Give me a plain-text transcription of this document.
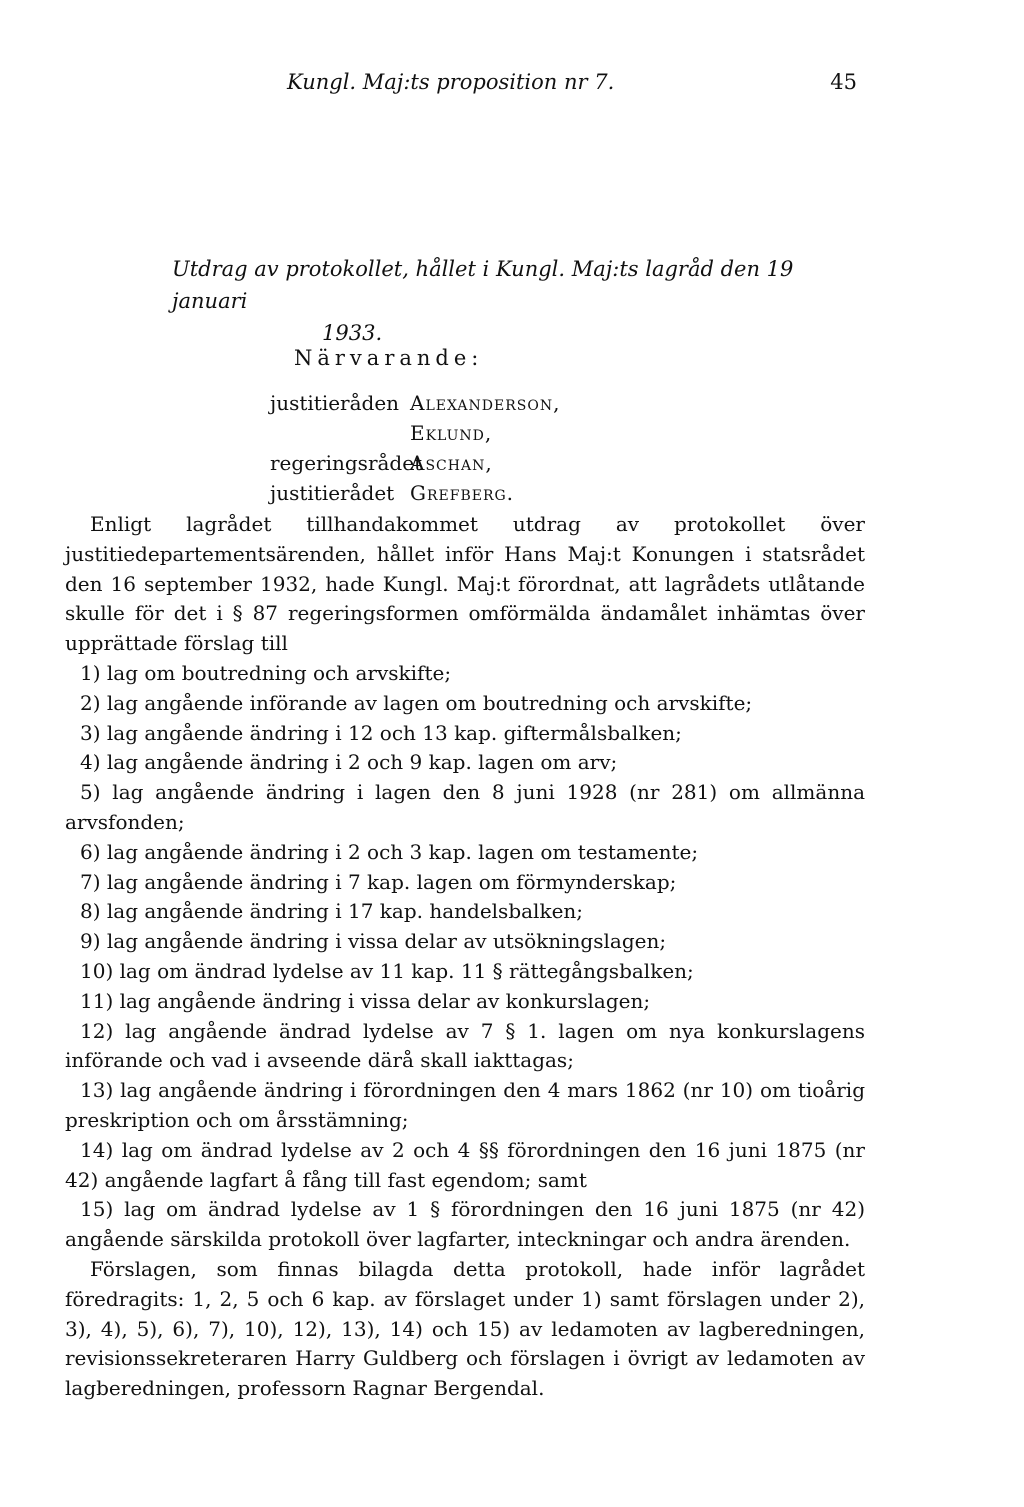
Kungl. Maj:ts proposition nr 7.	45
Utdrag av protokollet, hållet i Kungl. Maj:ts lagråd den 19 januari
1933.
Närvarande:
justitieråden Alexanderson,
Eklund,
regeringsrådetAschan,
justitierådet Grefberg.

Enligt lagrådet tillhandakommet utdrag av protokollet över justitiedepartementsärenden, hållet inför Hans Maj:t Konungen i statsrådet den 16 september 1932, hade Kungl. Maj:t förordnat, att lagrådets utlåtande skulle för det i § 87 regeringsformen omförmälda ändamålet inhämtas över upprättade förslag till

1) lag om boutredning och arvskifte;

2) lag angående införande av lagen om boutredning och arvskifte;

3) lag angående ändring i 12 och 13 kap. giftermålsbalken;

4) lag angående ändring i 2 och 9 kap. lagen om arv;

5) lag angående ändring i lagen den 8 juni 1928 (nr 281) om allmänna arvsfonden;

6) lag angående ändring i 2 och 3 kap. lagen om testamente;

7) lag angående ändring i 7 kap. lagen om förmynderskap;

8) lag angående ändring i 17 kap. handelsbalken;

9) lag angående ändring i vissa delar av utsökningslagen;

10) lag om ändrad lydelse av 11 kap. 11 § rättegångsbalken;

11) lag angående ändring i vissa delar av konkurslagen;

12) lag angående ändrad lydelse av 7 § 1. lagen om nya konkurslagens införande och vad i avseende därå skall iakttagas;

13) lag angående ändring i förordningen den 4 mars 1862 (nr 10) om tioårig preskription och om årsstämning;

14) lag om ändrad lydelse av 2 och 4 §§ förordningen den 16 juni 1875 (nr 42) angående lagfart å fång till fast egendom; samt

15) lag om ändrad lydelse av 1 § förordningen den 16 juni 1875 (nr 42) angående särskilda protokoll över lagfarter, inteckningar och andra ärenden.

Förslagen, som finnas bilagda detta protokoll, hade inför lagrådet föredragits: 1, 2, 5 och 6 kap. av förslaget under 1) samt förslagen under 2), 3), 4), 5), 6), 7), 10), 12), 13), 14) och 15) av ledamoten av lagberedningen, revisionssekreteraren Harry Guldberg och förslagen i övrigt av ledamoten av lagberedningen, professorn Ragnar Bergendal.
